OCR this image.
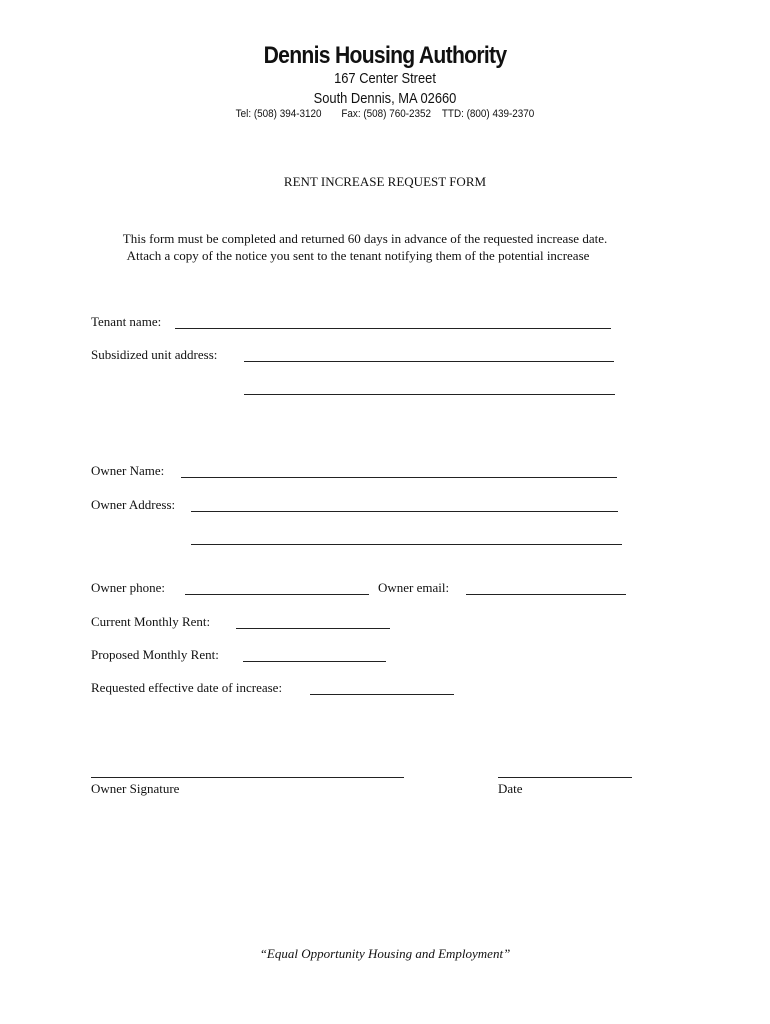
Dennis Housing Authority
167 Center Street
South Dennis, MA 02660
Tel: (508) 394-3120 Fax: (508) 760-2352 TTD: (800) 439-2370
RENT INCREASE REQUEST FORM
This form must be completed and returned 60 days in advance of the requested increase date.
Attach a copy of the notice you sent to the tenant notifying them of the potential increase
Tenant name:
Subsidized unit address:
Owner Name:
Owner Address:
Owner phone:	Owner email:
Current Monthly Rent:
Proposed Monthly Rent:
Requested effective date of increase:
Owner Signature	Date
“Equal Opportunity Housing and Employment”
